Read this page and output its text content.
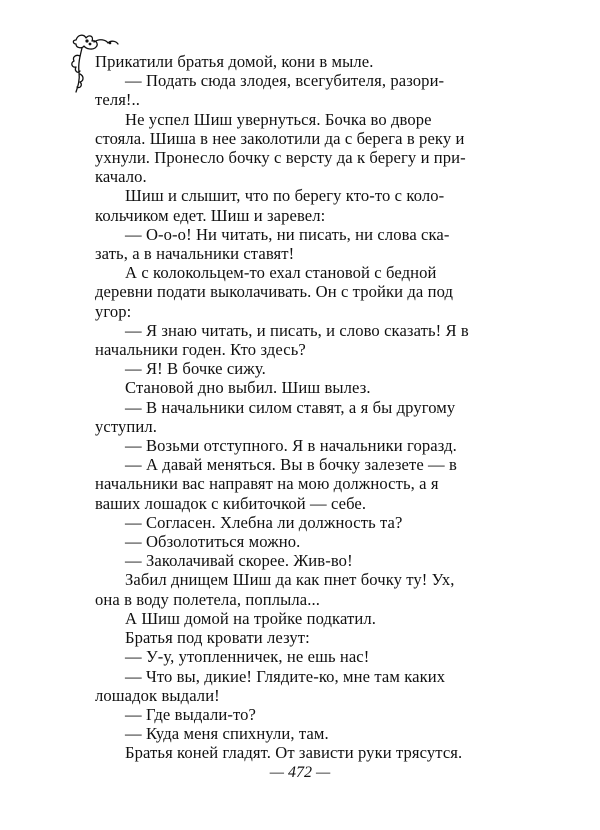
Прикатили братья домой, кони в мыле.

— Подать сюда злодея, всегубителя, разори-
теля!..

Не успел Шиш увернуться. Бочка во дворе
стояла. Шиша в нее заколотили да с берега в реку и
ухнули. Пронесло бочку с версту да к берегу и при-
качало.

Шиш и слышит, что по берегу кто-то с коло-
кольчиком едет. Шиш и заревел:

— О-о-о! Ни читать, ни писать, ни слова ска-
зать, а в начальники ставят!

А с колокольцем-то ехал становой с бедной
деревни подати выколачивать. Он с тройки да под
угор:

— Я знаю читать, и писать, и слово сказать! Я в
начальники годен. Кто здесь?

— Я! В бочке сижу.

Становой дно выбил. Шиш вылез.

— В начальники силом ставят, а я бы другому
уступил.

— Возьми отступного. Я в начальники горазд.

— А давай меняться. Вы в бочку залезете — в
начальники вас направят на мою должность, а я
ваших лошадок с кибиточкой — себе.

— Согласен. Хлебна ли должность та?

— Обзолотиться можно.

— Заколачивай скорее. Жив-во!

Забил днищем Шиш да как пнет бочку ту! Ух,
она в воду полетела, поплыла...

А Шиш домой на тройке подкатил.

Братья под кровати лезут:

— У-у, утопленничек, не ешь нас!

— Что вы, дикие! Глядите-ко, мне там каких
лошадок выдали!

— Где выдали-то?

— Куда меня спихнули, там.

Братья коней гладят. От зависти руки трясутся.

— 472 —
